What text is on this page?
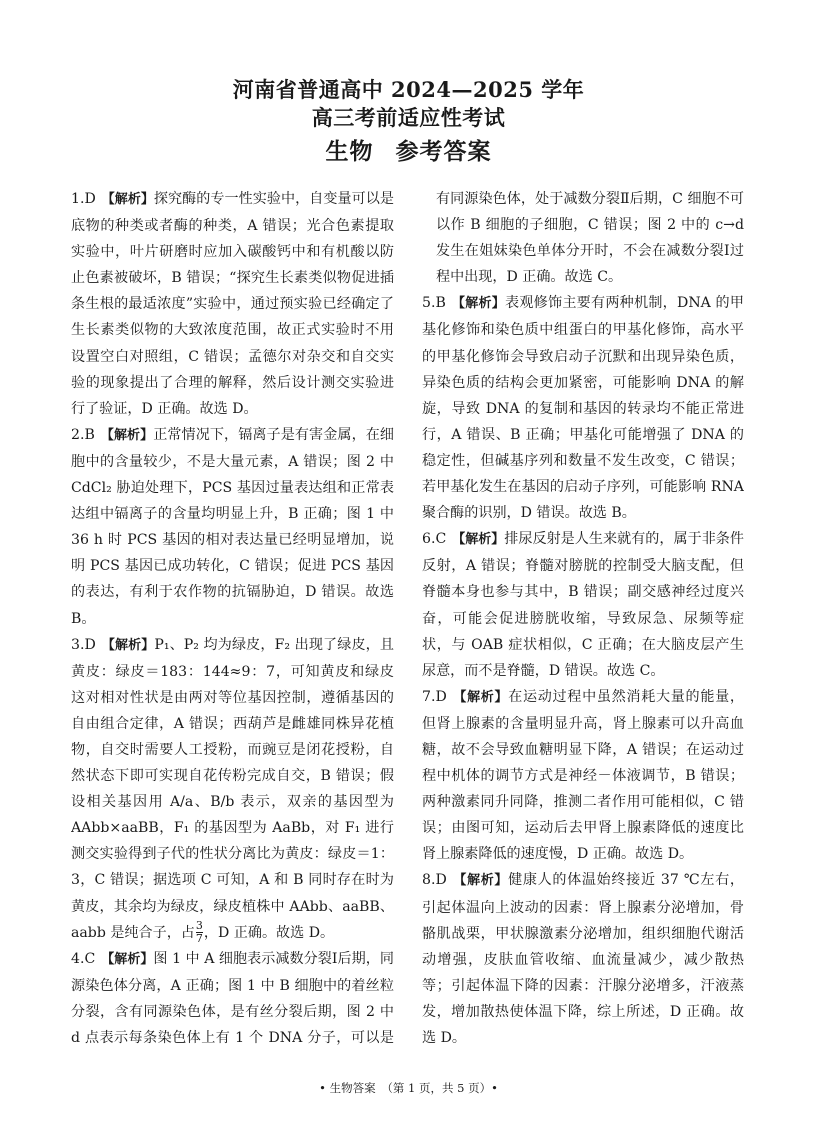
河南省普通高中 2024—2025 学年
高三考前适应性考试
生物 参考答案

1.D 【解析】探究酶的专一性实验中，自变量可以是底物的种类或者酶的种类，A 错误；光合色素提取实验中，叶片研磨时应加入碳酸钙中和有机酸以防止色素被破坏，B 错误；“探究生长素类似物促进插条生根的最适浓度”实验中，通过预实验已经确定了生长素类似物的大致浓度范围，故正式实验时不用设置空白对照组，C 错误；孟德尔对杂交和自交实验的现象提出了合理的解释，然后设计测交实验进行了验证，D 正确。故选 D。

2.B 【解析】正常情况下，镉离子是有害金属，在细胞中的含量较少，不是大量元素，A 错误；图 2 中 CdCl₂ 胁迫处理下，PCS 基因过量表达组和正常表达组中镉离子的含量均明显上升，B 正确；图 1 中 36 h 时 PCS 基因的相对表达量已经明显增加，说明 PCS 基因已成功转化，C 错误；促进 PCS 基因的表达，有利于农作物的抗镉胁迫，D 错误。故选 B。

3.D 【解析】P₁、P₂ 均为绿皮，F₂ 出现了绿皮，且黄皮：绿皮＝183：144≈9：7，可知黄皮和绿皮这对相对性状是由两对等位基因控制，遵循基因的自由组合定律，A 错误；西葫芦是雌雄同株异花植物，自交时需要人工授粉，而豌豆是闭花授粉，自然状态下即可实现自花传粉完成自交，B 错误；假设相关基因用 A/a、B/b 表示，双亲的基因型为 AAbb×aaBB，F₁ 的基因型为 AaBb，对 F₁ 进行测交实验得到子代的性状分离比为黄皮：绿皮＝1：3，C 错误；据选项 C 可知，A 和 B 同时存在时为黄皮，其余均为绿皮，绿皮植株中 AAbb、aaBB、aabb 是纯合子，占 $\frac{3}{7}$ ，D 正确。故选 D。

4.C 【解析】图 1 中 A 细胞表示减数分裂Ⅰ后期，同源染色体分离，A 正确；图 1 中 B 细胞中的着丝粒分裂，含有同源染色体，是有丝分裂后期，图 2 中 d 点表示每条染色体上有 1 个 DNA 分子，可以是

有同源染色体，处于减数分裂Ⅱ后期，C 细胞不可以作 B 细胞的子细胞，C 错误；图 2 中的 c→d 发生在姐妹染色单体分开时，不会在减数分裂Ⅰ过程中出现，D 正确。故选 C。

5.B 【解析】表观修饰主要有两种机制，DNA 的甲基化修饰和染色质中组蛋白的甲基化修饰，高水平的甲基化修饰会导致启动子沉默和出现异染色质，异染色质的结构会更加紧密，可能影响 DNA 的解旋，导致 DNA 的复制和基因的转录均不能正常进行，A 错误、B 正确；甲基化可能增强了 DNA 的稳定性，但碱基序列和数量不发生改变，C 错误；若甲基化发生在基因的启动子序列，可能影响 RNA 聚合酶的识别，D 错误。故选 B。

6.C 【解析】排尿反射是人生来就有的，属于非条件反射，A 错误；脊髓对膀胱的控制受大脑支配，但脊髓本身也参与其中，B 错误；副交感神经过度兴奋，可能会促进膀胱收缩，导致尿急、尿频等症状，与 OAB 症状相似，C 正确；在大脑皮层产生尿意，而不是脊髓，D 错误。故选 C。

7.D 【解析】在运动过程中虽然消耗大量的能量，但肾上腺素的含量明显升高，肾上腺素可以升高血糖，故不会导致血糖明显下降，A 错误；在运动过程中机体的调节方式是神经－体液调节，B 错误；两种激素同升同降，推测二者作用可能相似，C 错误；由图可知，运动后去甲肾上腺素降低的速度比肾上腺素降低的速度慢，D 正确。故选 D。

8.D 【解析】健康人的体温始终接近 37 ℃左右，引起体温向上波动的因素：肾上腺素分泌增加，骨骼肌战栗，甲状腺激素分泌增加，组织细胞代谢活动增强，皮肤血管收缩、血流量减少，减少散热等；引起体温下降的因素：汗腺分泌增多，汗液蒸发，增加散热使体温下降，综上所述，D 正确。故选 D。

• 生物答案　（第 1 页，共 5 页）•
